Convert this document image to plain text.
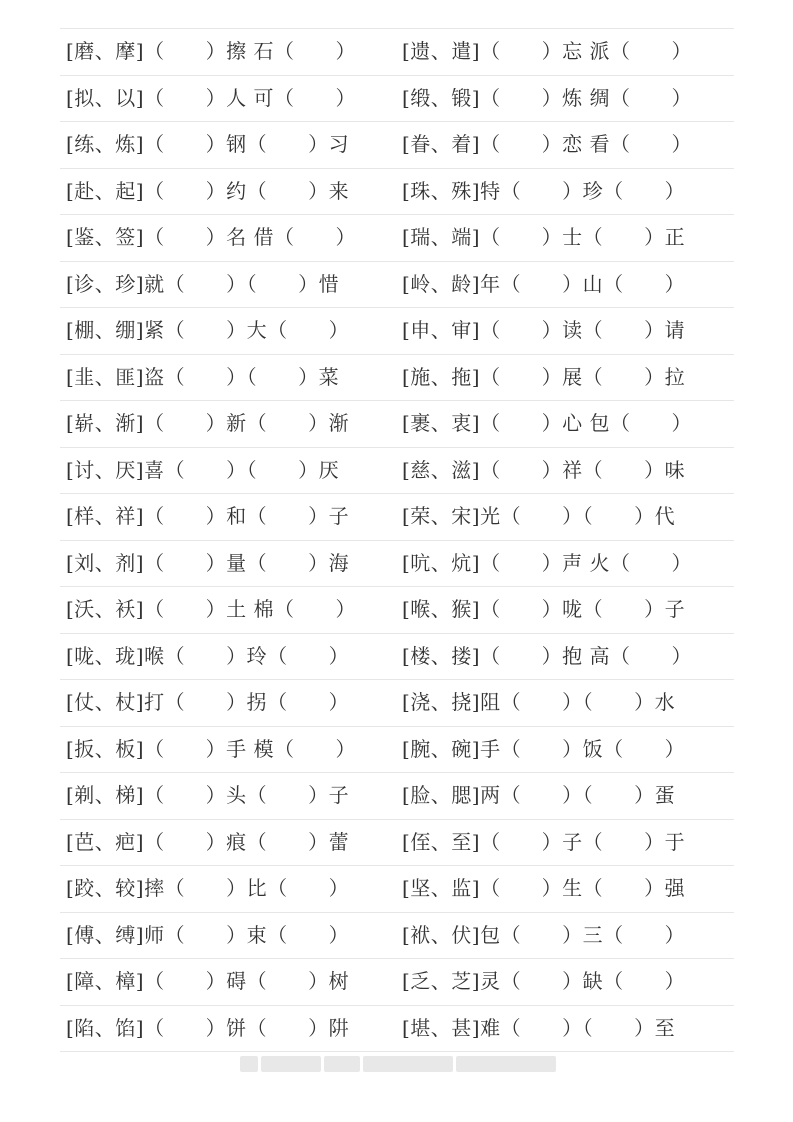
[磨、摩]（　　）擦 石（　　） [遗、遣]（　　）忘 派（　　）
[拟、以]（　　）人 可（　　） [缎、锻]（　　）炼 绸（　　）
[练、炼]（　　）钢（　　）习	[眷、着]（　　）恋 看（　　）
[赴、起]（　　）约（　　）来	[珠、殊]特（　　）珍（　　）
[鉴、签]（　　）名 借（　　） [瑞、端]（　　）士（　　）正
[诊、珍]就（　　）（　　）惜	[岭、龄]年（　　）山（　　）
[棚、绷]紧（　　）大（　　）	[申、审]（　　）读（　　）请
[韭、匪]盗（　　）（　　）菜	[施、拖]（　　）展（　　）拉
[崭、渐]（　　）新（　　）渐	[裹、衷]（　　）心 包（　　）
[讨、厌]喜（　　）（　　）厌	[慈、滋]（　　）祥（　　）味
[样、祥]（　　）和（　　）子	[荣、宋]光（　　）（　　）代
[刘、剂]（　　）量（　　）海	[吭、炕]（　　）声 火（　　）
[沃、袄]（　　）土 棉（　　） [喉、猴]（　　）咙（　　）子
[咙、珑]喉（　　）玲（　　）	[楼、搂]（　　）抱 高（　　）
[仗、杖]打（　　）拐（　　）	[浇、挠]阻（　　）（　　）水
[扳、板]（　　）手 模（　　） [腕、碗]手（　　）饭（　　）
[剃、梯]（　　）头（　　）子	[脸、腮]两（　　）（　　）蛋
[芭、疤]（　　）痕（　　）蕾	[侄、至]（　　）子（　　）于
[跤、较]摔（　　）比（　　）	[坚、监]（　　）生（　　）强
[傅、缚]师（　　）束（　　）	[袱、伏]包（　　）三（　　）
[障、樟]（　　）碍（　　）树	[乏、芝]灵（　　）缺（　　）
[陷、馅]（　　）饼（　　）阱	[堪、甚]难（　　）（　　）至
